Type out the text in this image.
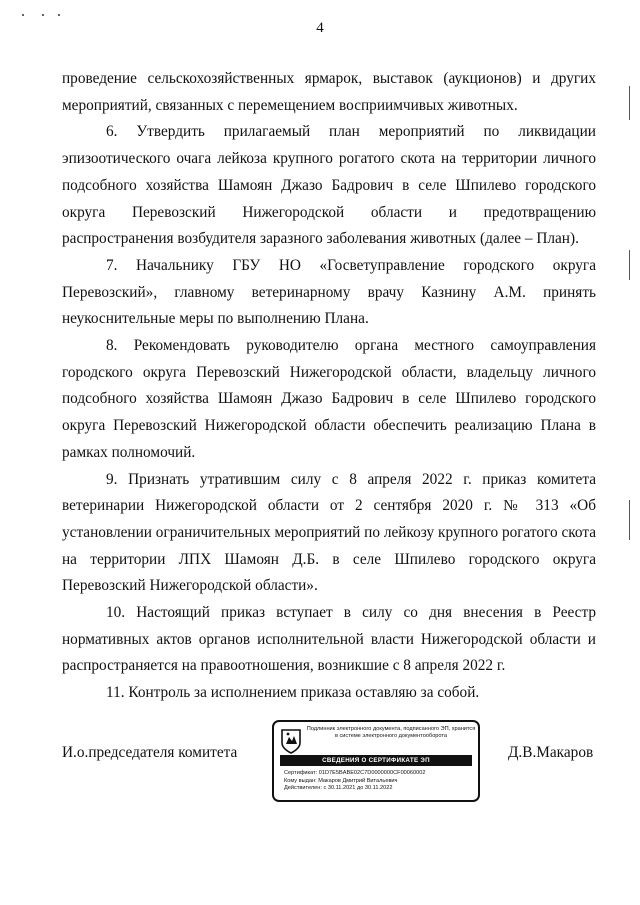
4

проведение сельскохозяйственных ярмарок, выставок (аукционов) и других мероприятий, связанных с перемещением восприимчивых животных.

6. Утвердить прилагаемый план мероприятий по ликвидации эпизоотического очага лейкоза крупного рогатого скота на территории личного подсобного хозяйства Шамоян Джазо Бадрович в селе Шпилево городского округа Перевозский Нижегородской области и предотвращению распространения возбудителя заразного заболевания животных (далее – План).

7. Начальнику ГБУ НО «Госветуправление городского округа Перевозский», главному ветеринарному врачу Казнину А.М. принять неукоснительные меры по выполнению Плана.

8. Рекомендовать руководителю органа местного самоуправления городского округа Перевозский Нижегородской области, владельцу личного подсобного хозяйства Шамоян Джазо Бадрович в селе Шпилево городского округа Перевозский Нижегородской области обеспечить реализацию Плана в рамках полномочий.

9. Признать утратившим силу с 8 апреля 2022 г. приказ комитета ветеринарии Нижегородской области от 2 сентября 2020 г. № 313 «Об установлении ограничительных мероприятий по лейкозу крупного рогатого скота на территории ЛПХ Шамоян Д.Б. в селе Шпилево городского округа Перевозский Нижегородской области».

10. Настоящий приказ вступает в силу со дня внесения в Реестр нормативных актов органов исполнительной власти Нижегородской области и распространяется на правоотношения, возникшие с 8 апреля 2022 г.

11. Контроль за исполнением приказа оставляю за собой.

И.о.председателя комитета
Подлинник электронного документа, подписанного ЭП, хранится в системе электронного документооборота
СВЕДЕНИЯ О СЕРТИФИКАТЕ ЭП
Сертификат: 01D7E5BABE02C7D0000000CF00060002
Кому выдан: Макаров Дмитрий Витальевич
Действителен: с 30.11.2021 до 30.11.2022
Д.В.Макаров
